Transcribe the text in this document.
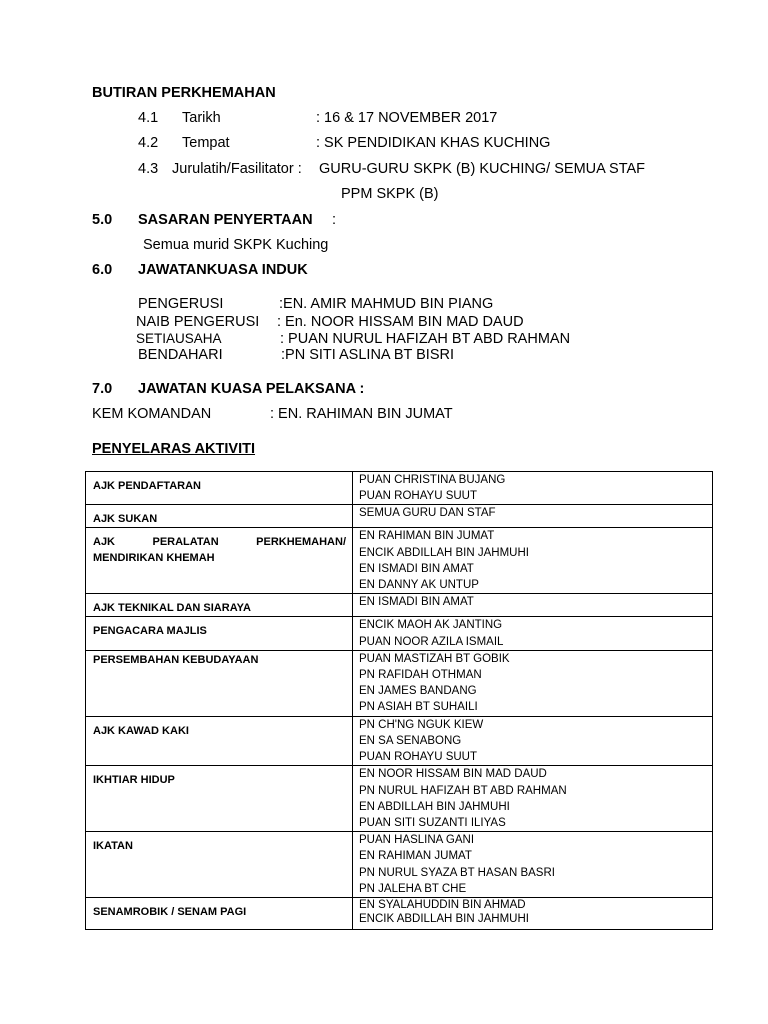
BUTIRAN PERKHEMAHAN
4.1 Tarikh	: 16 & 17 NOVEMBER 2017
4.2 Tempat	: SK PENDIDIKAN KHAS KUCHING
4.3 Jurulatih/Fasilitator : GURU-GURU SKPK (B) KUCHING/ SEMUA STAF
PPM SKPK (B)
5.0 SASARAN PENYERTAAN :
Semua murid SKPK Kuching
6.0 JAWATANKUASA INDUK
PENGERUSI	:EN. AMIR MAHMUD BIN PIANG
NAIB PENGERUSI : En. NOOR HISSAM BIN MAD DAUD
SETIAUSAHA	: PUAN NURUL HAFIZAH BT ABD RAHMAN
BENDAHARI	:PN SITI ASLINA BT BISRI
7.0 JAWATAN KUASA PELAKSANA :
KEM KOMANDAN	: EN. RAHIMAN BIN JUMAT
PENYELARAS AKTIVITI
AJK PENDAFTARAN	PUAN CHRISTINA BUJANG
PUAN ROHAYU SUUT

AJK SUKAN	SEMUA GURU DAN STAF

AJK PERALATAN PERKHEMAHAN/ MENDIRIKAN KHEMAH	EN RAHIMAN BIN JUMAT
ENCIK ABDILLAH BIN JAHMUHI
EN ISMADI BIN AMAT
EN DANNY AK UNTUP

AJK TEKNIKAL DAN SIARAYA	EN ISMADI BIN AMAT

PENGACARA MAJLIS	ENCIK MAOH AK JANTING
PUAN NOOR AZILA ISMAIL

PERSEMBAHAN KEBUDAYAAN	PUAN MASTIZAH BT GOBIK
PN RAFIDAH OTHMAN
EN JAMES BANDANG
PN ASIAH BT SUHAILI

AJK KAWAD KAKI	PN CH'NG NGUK KIEW
EN SA SENABONG
PUAN ROHAYU SUUT

IKHTIAR HIDUP	EN NOOR HISSAM BIN MAD DAUD
PN NURUL HAFIZAH BT ABD RAHMAN
EN ABDILLAH BIN JAHMUHI
PUAN SITI SUZANTI ILIYAS

IKATAN	PUAN HASLINA GANI
EN RAHIMAN JUMAT
PN NURUL SYAZA BT HASAN BASRI
PN JALEHA BT CHE

SENAMROBIK / SENAM PAGI	EN SYALAHUDDIN BIN AHMAD
ENCIK ABDILLAH BIN JAHMUHI
